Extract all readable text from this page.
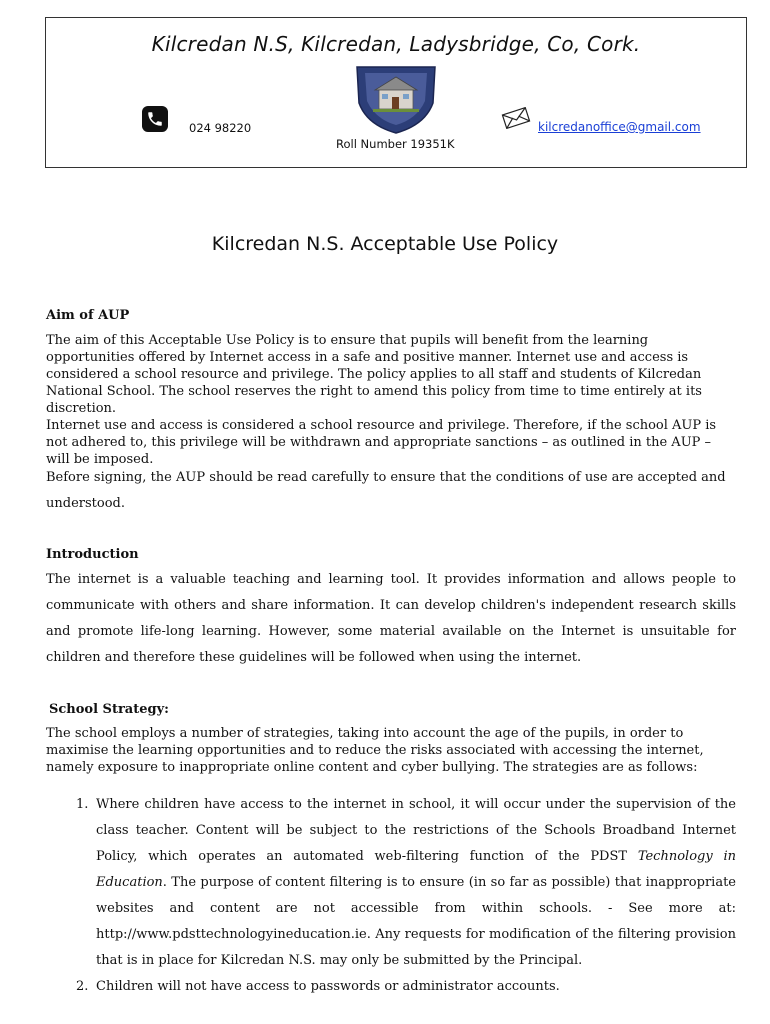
Kilcredan N.S, Kilcredan, Ladysbridge, Co, Cork.
024 98220
Roll Number 19351K
kilcredanoffice@gmail.com
Kilcredan N.S. Acceptable Use Policy
Aim of AUP

The aim of this Acceptable Use Policy is to ensure that pupils will benefit from the learning opportunities offered by Internet access in a safe and positive manner. Internet use and access is considered a school resource and privilege. The policy applies to all staff and students of Kilcredan National School. The school reserves the right to amend this policy from time to time entirely at its discretion.

Internet use and access is considered a school resource and privilege. Therefore, if the school AUP is not adhered to, this privilege will be withdrawn and appropriate sanctions – as outlined in the AUP – will be imposed.

Before signing, the AUP should be read carefully to ensure that the conditions of use are accepted and understood.

Introduction

The internet is a valuable teaching and learning tool. It provides information and allows people to communicate with others and share information. It can develop children's independent research skills and promote life-long learning. However, some material available on the Internet is unsuitable for children and therefore these guidelines will be followed when using the internet.

School Strategy:

The school employs a number of strategies, taking into account the age of the pupils, in order to maximise the learning opportunities and to reduce the risks associated with accessing the internet, namely exposure to inappropriate online content and cyber bullying. The strategies are as follows:

1. Where children have access to the internet in school, it will occur under the supervision of the class teacher. Content will be subject to the restrictions of the Schools Broadband Internet Policy, which operates an automated web-filtering function of the PDST Technology in Education. The purpose of content filtering is to ensure (in so far as possible) that inappropriate websites and content are not accessible from within schools. - See more at: http://www.pdsttechnologyineducation.ie. Any requests for modification of the filtering provision that is in place for Kilcredan N.S. may only be submitted by the Principal.
2. Children will not have access to passwords or administrator accounts.
